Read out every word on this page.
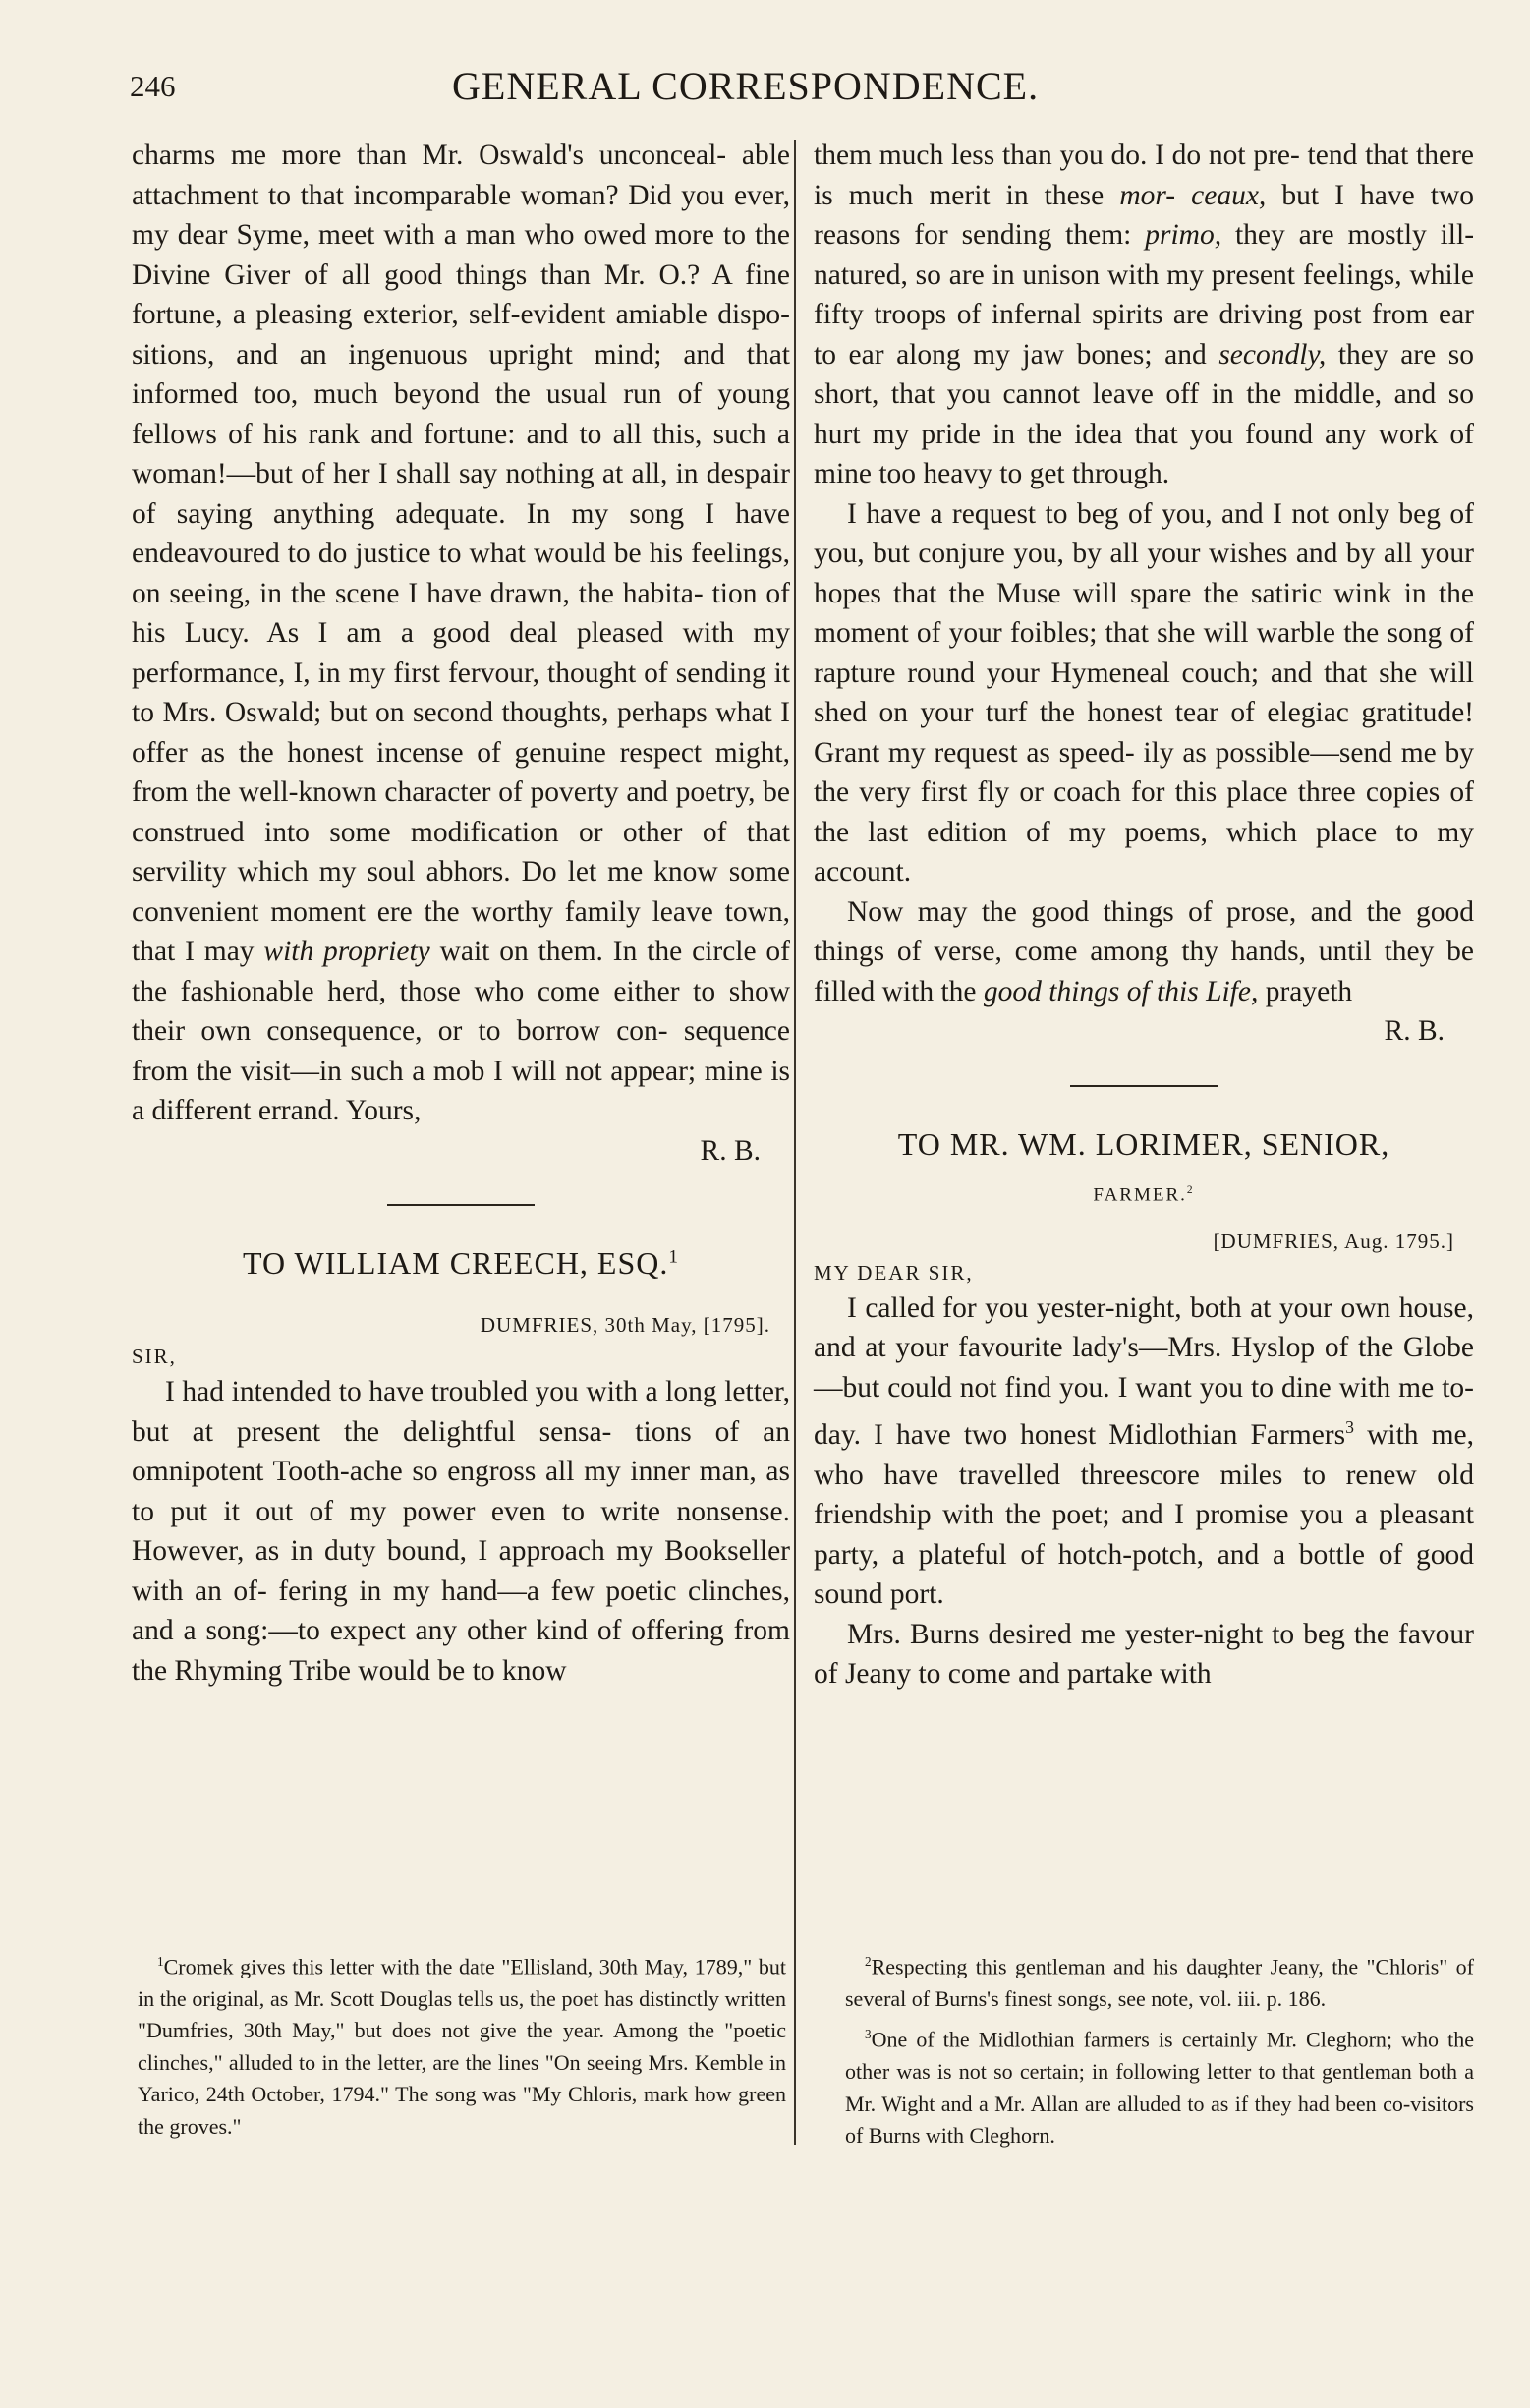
246	GENERAL CORRESPONDENCE.

charms me more than Mr. Oswald's unconceal- able attachment to that incomparable woman? Did you ever, my dear Syme, meet with a man who owed more to the Divine Giver of all good things than Mr. O.? A fine fortune, a pleasing exterior, self-evident amiable dispo- sitions, and an ingenuous upright mind; and that informed too, much beyond the usual run of young fellows of his rank and fortune: and to all this, such a woman!—but of her I shall say nothing at all, in despair of saying anything adequate. In my song I have endeavoured to do justice to what would be his feelings, on seeing, in the scene I have drawn, the habita- tion of his Lucy. As I am a good deal pleased with my performance, I, in my first fervour, thought of sending it to Mrs. Oswald; but on second thoughts, perhaps what I offer as the honest incense of genuine respect might, from the well-known character of poverty and poetry, be construed into some modification or other of that servility which my soul abhors. Do let me know some convenient moment ere the worthy family leave town, that I may with propriety wait on them. In the circle of the fashionable herd, those who come either to show their own consequence, or to borrow con- sequence from the visit—in such a mob I will not appear; mine is a different errand. Yours,

R. B.
TO WILLIAM CREECH, ESQ.$^1$
DUMFRIES, 30th May, [1795].
SIR,

I had intended to have troubled you with a long letter, but at present the delightful sensa- tions of an omnipotent Tooth-ache so engross all my inner man, as to put it out of my power even to write nonsense. However, as in duty bound, I approach my Bookseller with an of- fering in my hand—a few poetic clinches, and a song:—to expect any other kind of offering from the Rhyming Tribe would be to know

them much less than you do. I do not pre- tend that there is much merit in these mor- ceaux, but I have two reasons for sending them: primo, they are mostly ill-natured, so are in unison with my present feelings, while fifty troops of infernal spirits are driving post from ear to ear along my jaw bones; and secondly, they are so short, that you cannot leave off in the middle, and so hurt my pride in the idea that you found any work of mine too heavy to get through.

I have a request to beg of you, and I not only beg of you, but conjure you, by all your wishes and by all your hopes that the Muse will spare the satiric wink in the moment of your foibles; that she will warble the song of rapture round your Hymeneal couch; and that she will shed on your turf the honest tear of elegiac gratitude! Grant my request as speed- ily as possible—send me by the very first fly or coach for this place three copies of the last edition of my poems, which place to my account.

Now may the good things of prose, and the good things of verse, come among thy hands, until they be filled with the good things of this Life, prayeth

R. B.
TO MR. WM. LORIMER, SENIOR,
FARMER.$^2$
[DUMFRIES, Aug. 1795.]
MY DEAR SIR,

I called for you yester-night, both at your own house, and at your favourite lady's—Mrs. Hyslop of the Globe—but could not find you. I want you to dine with me to-day. I have two honest Midlothian Farmers$^3$ with me, who have travelled threescore miles to renew old friendship with the poet; and I promise you a pleasant party, a plateful of hotch-potch, and a bottle of good sound port.

Mrs. Burns desired me yester-night to beg the favour of Jeany to come and partake with

$^1$Cromek gives this letter with the date "Ellisland, 30th May, 1789," but in the original, as Mr. Scott Douglas tells us, the poet has distinctly written "Dumfries, 30th May," but does not give the year. Among the "poetic clinches," alluded to in the letter, are the lines "On seeing Mrs. Kemble in Yarico, 24th October, 1794." The song was "My Chloris, mark how green the groves."

$^2$Respecting this gentleman and his daughter Jeany, the "Chloris" of several of Burns's finest songs, see note, vol. iii. p. 186.

$^3$One of the Midlothian farmers is certainly Mr. Cleghorn; who the other was is not so certain; in following letter to that gentleman both a Mr. Wight and a Mr. Allan are alluded to as if they had been co-visitors of Burns with Cleghorn.
